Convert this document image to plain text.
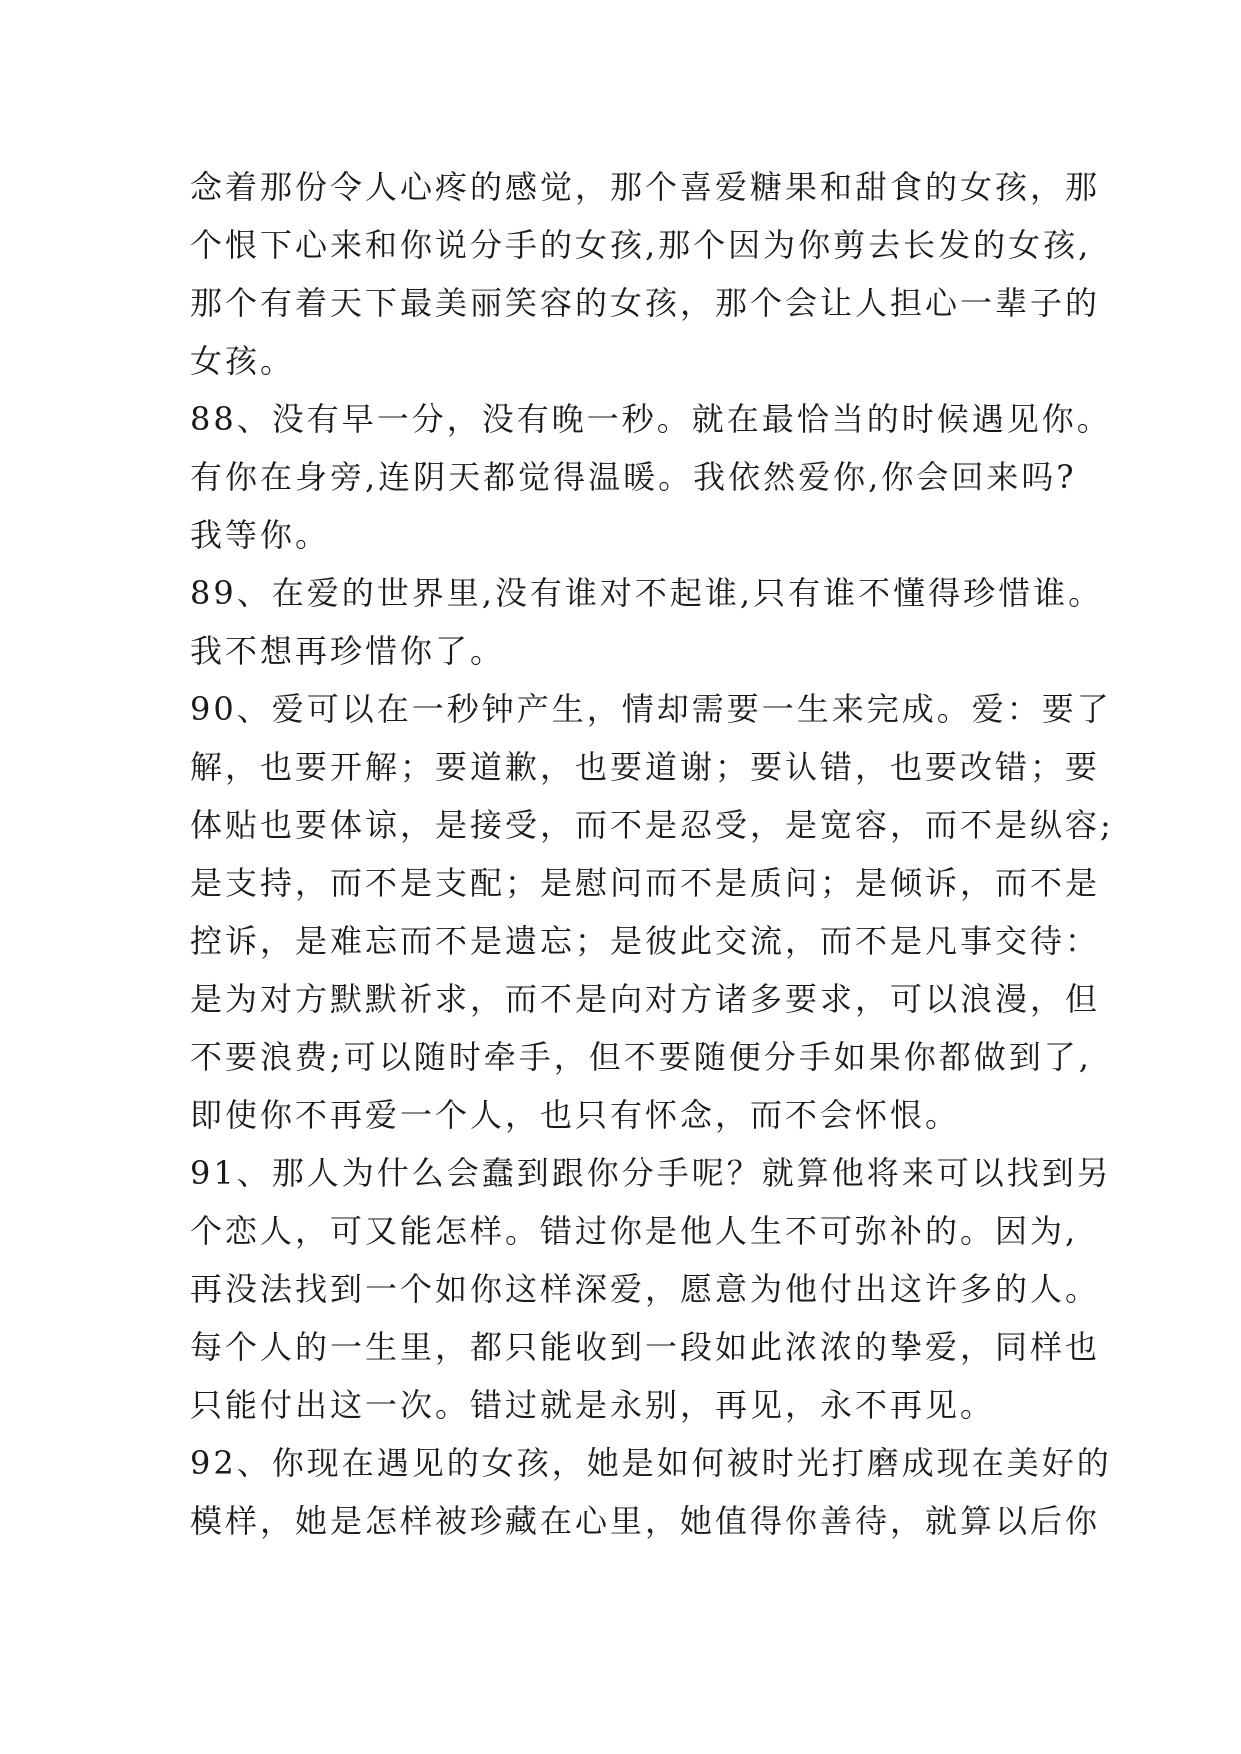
念着那份令人心疼的感觉，那个喜爱糖果和甜食的女孩，那
个恨下心来和你说分手的女孩,那个因为你剪去长发的女孩,
那个有着天下最美丽笑容的女孩，那个会让人担心一辈子的
女孩。
88、没有早一分，没有晚一秒。就在最恰当的时候遇见你。
有你在身旁,连阴天都觉得温暖。我依然爱你,你会回来吗?
我等你。
89、在爱的世界里,没有谁对不起谁,只有谁不懂得珍惜谁。
我不想再珍惜你了。
90、爱可以在一秒钟产生，情却需要一生来完成。爱：要了
解，也要开解；要道歉，也要道谢；要认错，也要改错；要
体贴也要体谅，是接受，而不是忍受，是宽容，而不是纵容;
是支持，而不是支配；是慰问而不是质问；是倾诉，而不是
控诉，是难忘而不是遗忘；是彼此交流，而不是凡事交待：
是为对方默默祈求，而不是向对方诸多要求，可以浪漫，但
不要浪费;可以随时牵手，但不要随便分手如果你都做到了,
即使你不再爱一个人，也只有怀念，而不会怀恨。
91、那人为什么会蠢到跟你分手呢？就算他将来可以找到另
个恋人，可又能怎样。错过你是他人生不可弥补的。因为,
再没法找到一个如你这样深爱，愿意为他付出这许多的人。
每个人的一生里，都只能收到一段如此浓浓的挚爱，同样也
只能付出这一次。错过就是永别，再见，永不再见。
92、你现在遇见的女孩，她是如何被时光打磨成现在美好的
模样，她是怎样被珍藏在心里，她值得你善待，就算以后你
